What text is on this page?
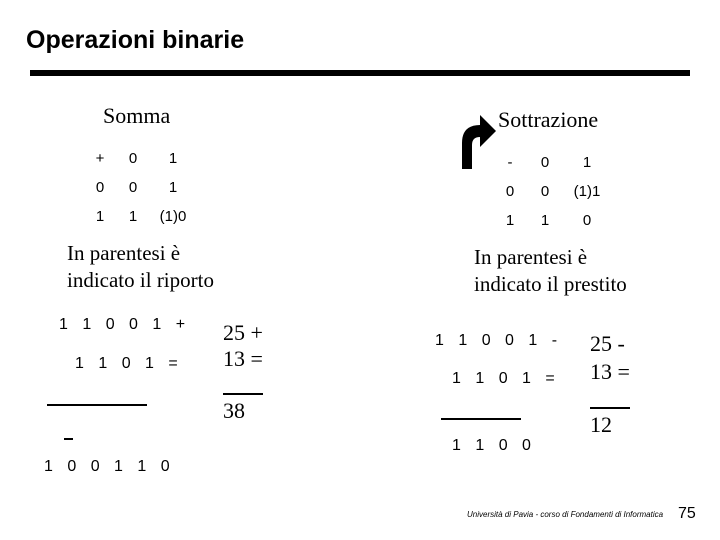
Operazioni binarie
Somma
+	0	1
0	0	1
1	1	(1)0
In parentesi è
indicato il riporto
1 1 0 0 1 +
1 1 0 1 =
1 0 0 1 1 0
25 +
13 =
38
Sottrazione
-	0	1
0	0	(1)1
1	1	0
In parentesi è
indicato il prestito
1 1 0 0 1 -
1 1 0 1 =
1 1 0 0
25 -
13 =
12
Università di Pavia - corso di Fondamenti di Informatica 75
